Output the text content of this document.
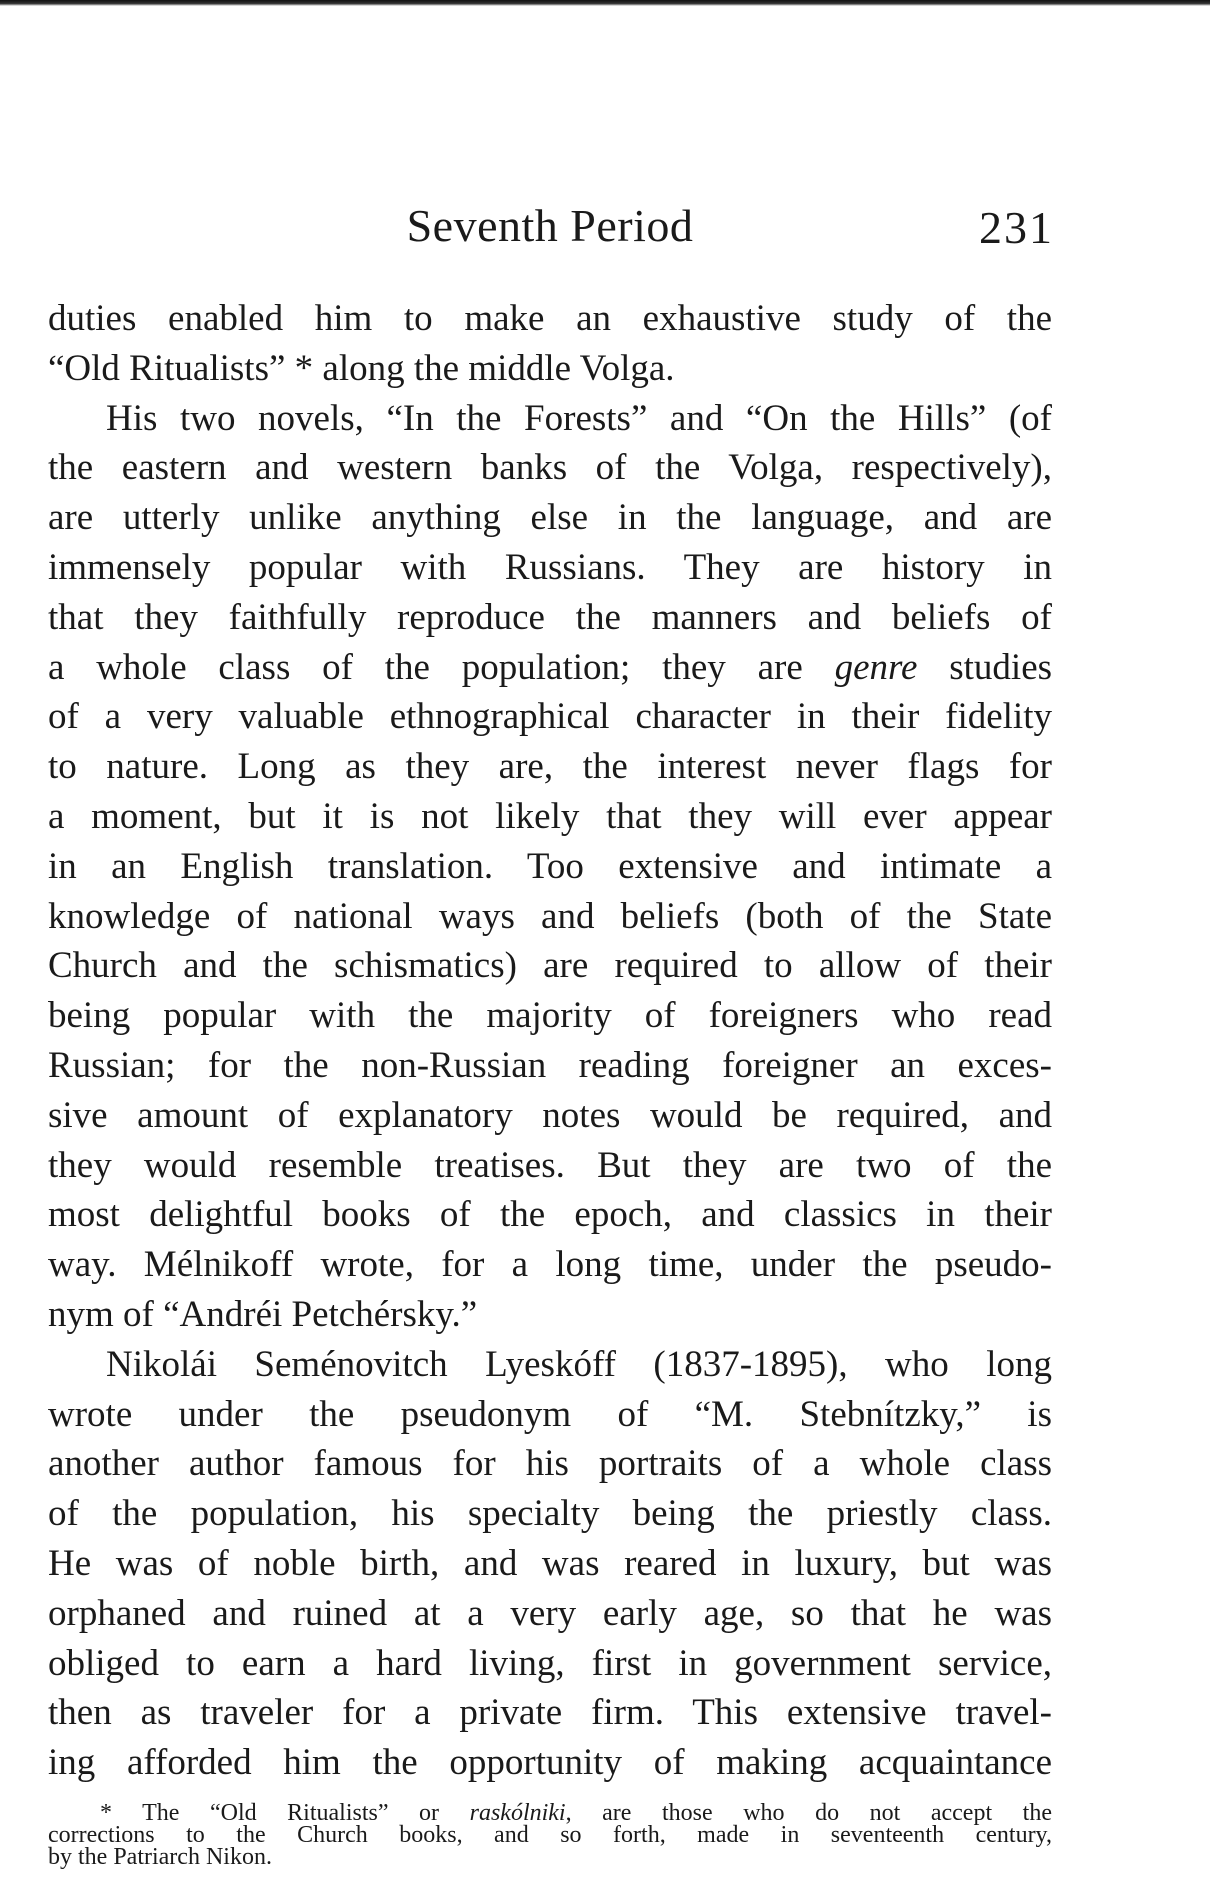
Seventh Period	231
duties enabled him to make an exhaustive study of the
“Old Ritualists” * along the middle Volga.
His two novels, “In the Forests” and “On the Hills” (of
the eastern and western banks of the Volga, respectively),
are utterly unlike anything else in the language, and are
immensely popular with Russians. They are history in
that they faithfully reproduce the manners and beliefs of
a whole class of the population; they are genre studies
of a very valuable ethnographical character in their fidelity
to nature. Long as they are, the interest never flags for
a moment, but it is not likely that they will ever appear
in an English translation. Too extensive and intimate a
knowledge of national ways and beliefs (both of the State
Church and the schismatics) are required to allow of their
being popular with the majority of foreigners who read
Russian; for the non-Russian reading foreigner an exces-
sive amount of explanatory notes would be required, and
they would resemble treatises. But they are two of the
most delightful books of the epoch, and classics in their
way. Mélnikoff wrote, for a long time, under the pseudo-
nym of “Andréi Petchérsky.”
Nikolái Seménovitch Lyeskóff (1837-1895), who long
wrote under the pseudonym of “M. Stebnítzky,” is
another author famous for his portraits of a whole class
of the population, his specialty being the priestly class.
He was of noble birth, and was reared in luxury, but was
orphaned and ruined at a very early age, so that he was
obliged to earn a hard living, first in government service,
then as traveler for a private firm. This extensive travel-
ing afforded him the opportunity of making acquaintance
* The “Old Ritualists” or raskólniki, are those who do not accept the
corrections to the Church books, and so forth, made in seventeenth century,
by the Patriarch Nikon.
